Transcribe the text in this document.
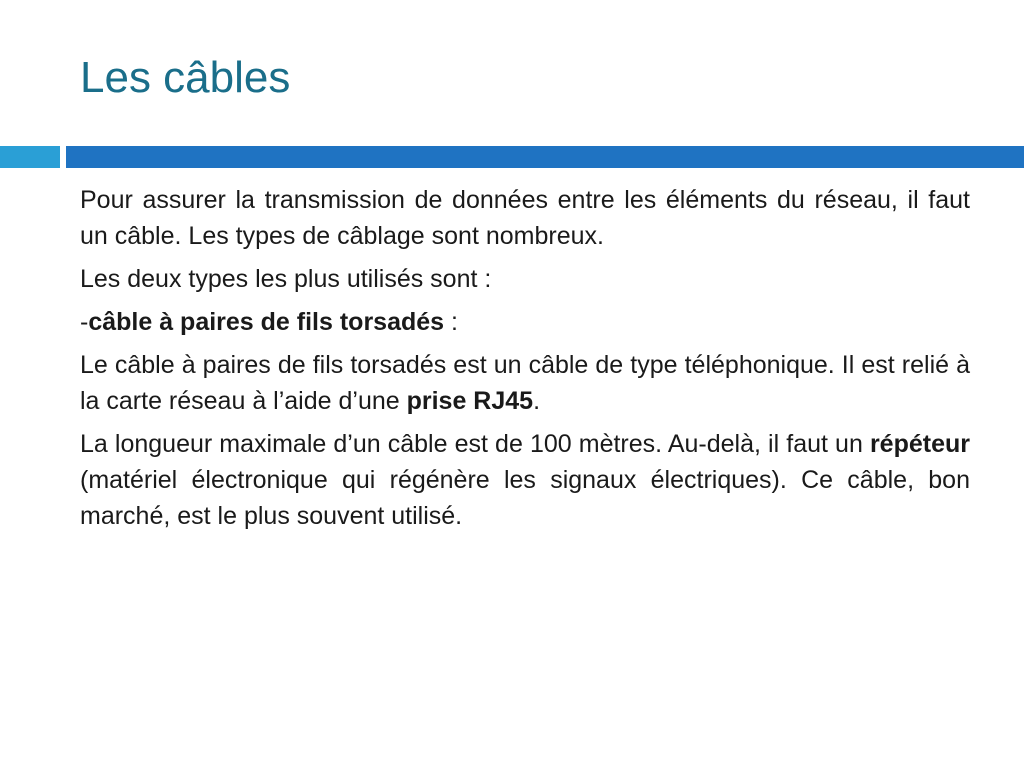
Les câbles

Pour assurer la transmission de données entre les éléments du réseau, il faut un câble. Les types de câblage sont nombreux.

Les deux types les plus utilisés sont :

-câble à paires de fils torsadés :

Le câble à paires de fils torsadés est un câble de type téléphonique. Il est relié à la carte réseau à l’aide d’une prise RJ45.

La longueur maximale d’un câble est de 100 mètres. Au-delà, il faut un répéteur (matériel électronique qui régénère les signaux électriques). Ce câble, bon marché, est le plus souvent utilisé.
